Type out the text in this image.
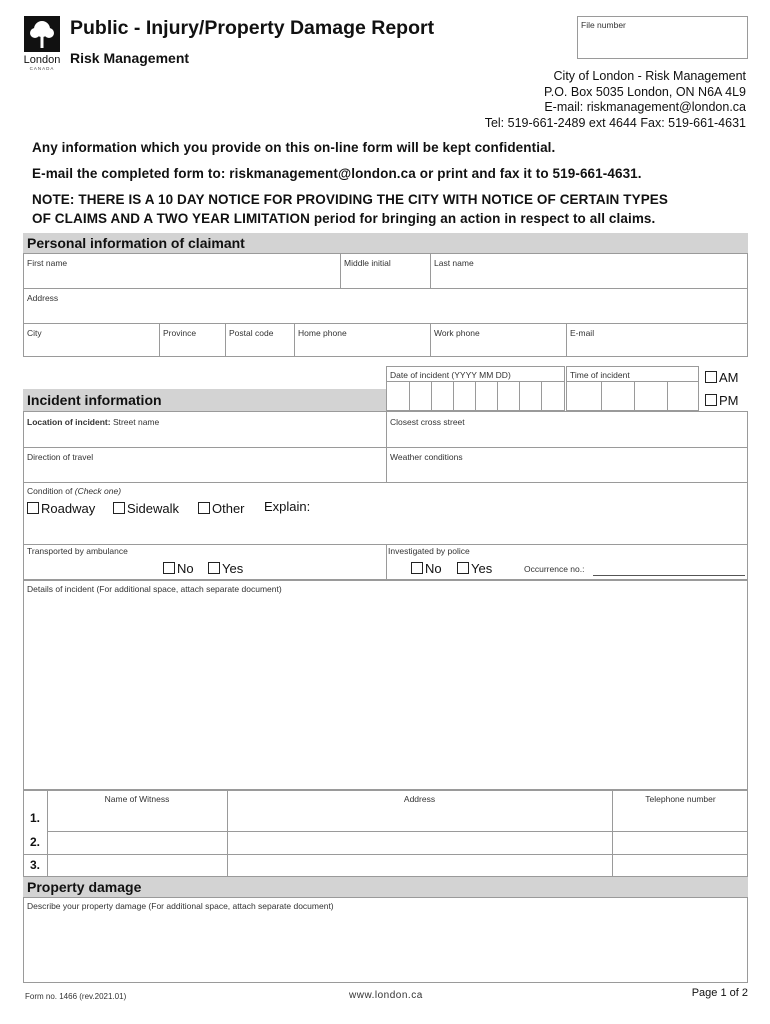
London
CANADA
Public - Injury/Property Damage Report
Risk Management
File number
City of London - Risk Management
P.O. Box 5035 London, ON N6A 4L9
E-mail: riskmanagement@london.ca
Tel: 519-661-2489 ext 4644 Fax: 519-661-4631
Any information which you provide on this on-line form will be kept confidential.
E-mail the completed form to: riskmanagement@london.ca or print and fax it to 519-661-4631.
NOTE: THERE IS A 10 DAY NOTICE FOR PROVIDING THE CITY WITH NOTICE OF CERTAIN TYPES
OF CLAIMS AND A TWO YEAR LIMITATION period for bringing an action in respect to all claims.
Personal information of claimant
First name	Middle initial	Last name
Address
City	Province	Postal code	Home phone	Work phone	E-mail
Date of incident (YYYY MM DD)	Time of incident	AM
PM
Incident information
Location of incident: Street name	Closest cross street
Direction of travel	Weather conditions
Condition of (Check one)
Roadway	Sidewalk	Other Explain:
Transported by ambulance
No	Yes
Investigated by police
No	Yes	Occurrence no.:
Details of incident (For additional space, attach separate document)
Name of Witness	Address	Telephone number
1.
2.
3.
Property damage
Describe your property damage (For additional space, attach separate document)
Form no. 1466 (rev.2021.01)	www.london.ca	Page 1 of 2
